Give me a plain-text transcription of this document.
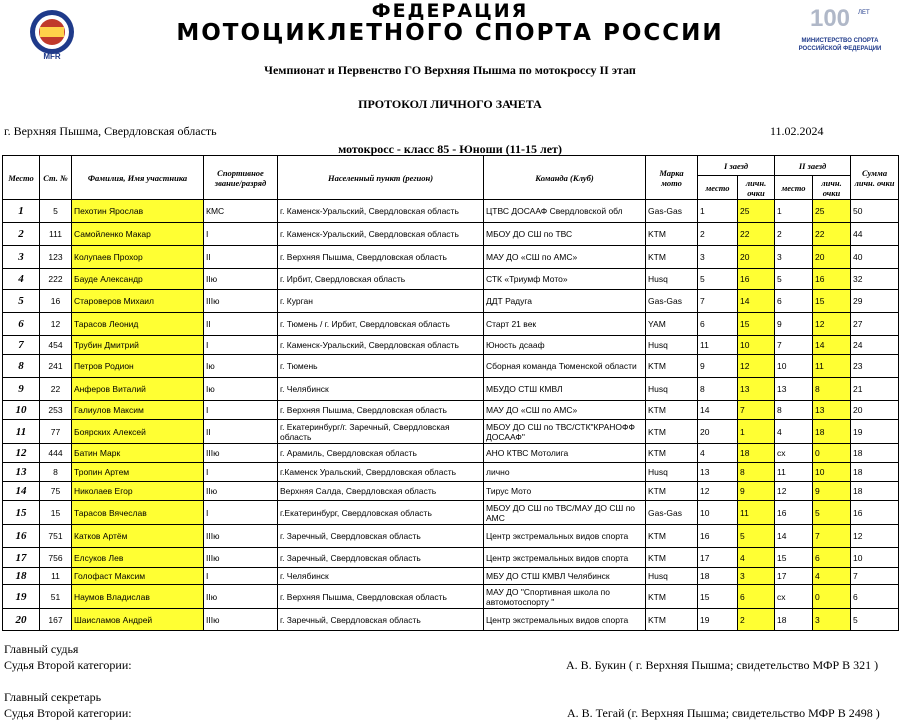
MFR
ФЕДЕРАЦИЯ
МОТОЦИКЛЕТНОГО СПОРТА РОССИИ
100 ЛЕТ
МИНИСТЕРСТВО СПОРТА
РОССИЙСКОЙ ФЕДЕРАЦИИ
Чемпионат и Первенство ГО Верхняя Пышма по мотокроссу II этап
ПРОТОКОЛ ЛИЧНОГО ЗАЧЕТА
г. Верхняя Пышма, Свердловская область	11.02.2024
мотокросс - класс 85 - Юноши (11-15 лет)
Место	Ст. №	Фамилия, Имя участника	Спортивное звание/разряд	Населенный пункт (регион)	Команда (Клуб)	Марка мото	I заезд		II заезд		Сумма личн. очки
							место	личн. очки	место	личн. очки	
1	5	Пехотин Ярослав	КМС	г. Каменск-Уральский, Свердловская область	ЦТВС ДОСААФ Свердловской обл	Gas-Gas	1	25	1	25	50
2	111	Самойленко Макар	I	г. Каменск-Уральский, Свердловская область	МБОУ ДО СШ по ТВС	KTM	2	22	2	22	44
3	123	Колупаев Прохор	II	г. Верхняя Пышма, Свердловская область	МАУ ДО «СШ по АМС»	KTM	3	20	3	20	40
4	222	Бауде Александр	IIю	г. Ирбит, Свердловская область	СТК «Триумф Мото»	Husq	5	16	5	16	32
5	16	Староверов Михаил	IIIю	г. Курган	ДДТ Радуга	Gas-Gas	7	14	6	15	29
6	12	Тарасов Леонид	II	г. Тюмень / г. Ирбит, Свердловская область	Старт 21 век	YAM	6	15	9	12	27
7	454	Трубин Дмитрий	I	г. Каменск-Уральский, Свердловская область	Юность дсааф	Husq	11	10	7	14	24
8	241	Петров Родион	Iю	г. Тюмень	Сборная команда Тюменской области	KTM	9	12	10	11	23
9	22	Анферов Виталий	Iю	г. Челябинск	МБУДО СТШ КМВЛ	Husq	8	13	13	8	21
10	253	Галиулов Максим	I	г. Верхняя Пышма, Свердловская область	МАУ ДО «СШ по АМС»	KTM	14	7	8	13	20
11	77	Боярских Алексей	II	г. Екатеринбург/г. Заречный, Свердловская область	МБОУ ДО СШ по ТВС/СТК"КРАНОФФ ДОСААФ"	KTM	20	1	4	18	19
12	444	Батин Марк	IIIю	г. Арамиль, Свердловская область	АНО КТВС Мотолига	KTM	4	18	сх	0	18
13	8	Тропин Артем	I	г.Каменск Уральский, Свердловская область	лично	Husq	13	8	11	10	18
14	75	Николаев Егор	IIю	Верхняя Салда, Свердловская область	Тирус Мото	KTM	12	9	12	9	18
15	15	Тарасов Вячеслав	I	г.Екатеринбург, Свердловская область	МБОУ ДО СШ по ТВС/МАУ ДО СШ по АМС	Gas-Gas	10	11	16	5	16
16	751	Катков Артём	IIIю	г. Заречный, Свердловская область	Центр экстремальных видов спорта	KTM	16	5	14	7	12
17	756	Елсуков Лев	IIIю	г. Заречный, Свердловская область	Центр экстремальных видов спорта	KTM	17	4	15	6	10
18	11	Голофаст Максим	I	г. Челябинск	МБУ ДО СТШ КМВЛ Челябинск	Husq	18	3	17	4	7
19	51	Наумов Владислав	IIю	г. Верхняя Пышма, Свердловская область	МАУ ДО "Спортивная школа по автомотоспорту "	KTM	15	6	сх	0	6
20	167	Шаисламов Андрей	IIIю	г. Заречный, Свердловская область	Центр экстремальных видов спорта	KTM	19	2	18	3	5
Главный судья
Судья Второй категории:	А. В. Букин ( г. Верхняя Пышма; свидетельство МФР В 321 )
Главный секретарь
Судья Второй категории:	А. В. Тегай (г. Верхняя Пышма; свидетельство МФР В 2498 )
